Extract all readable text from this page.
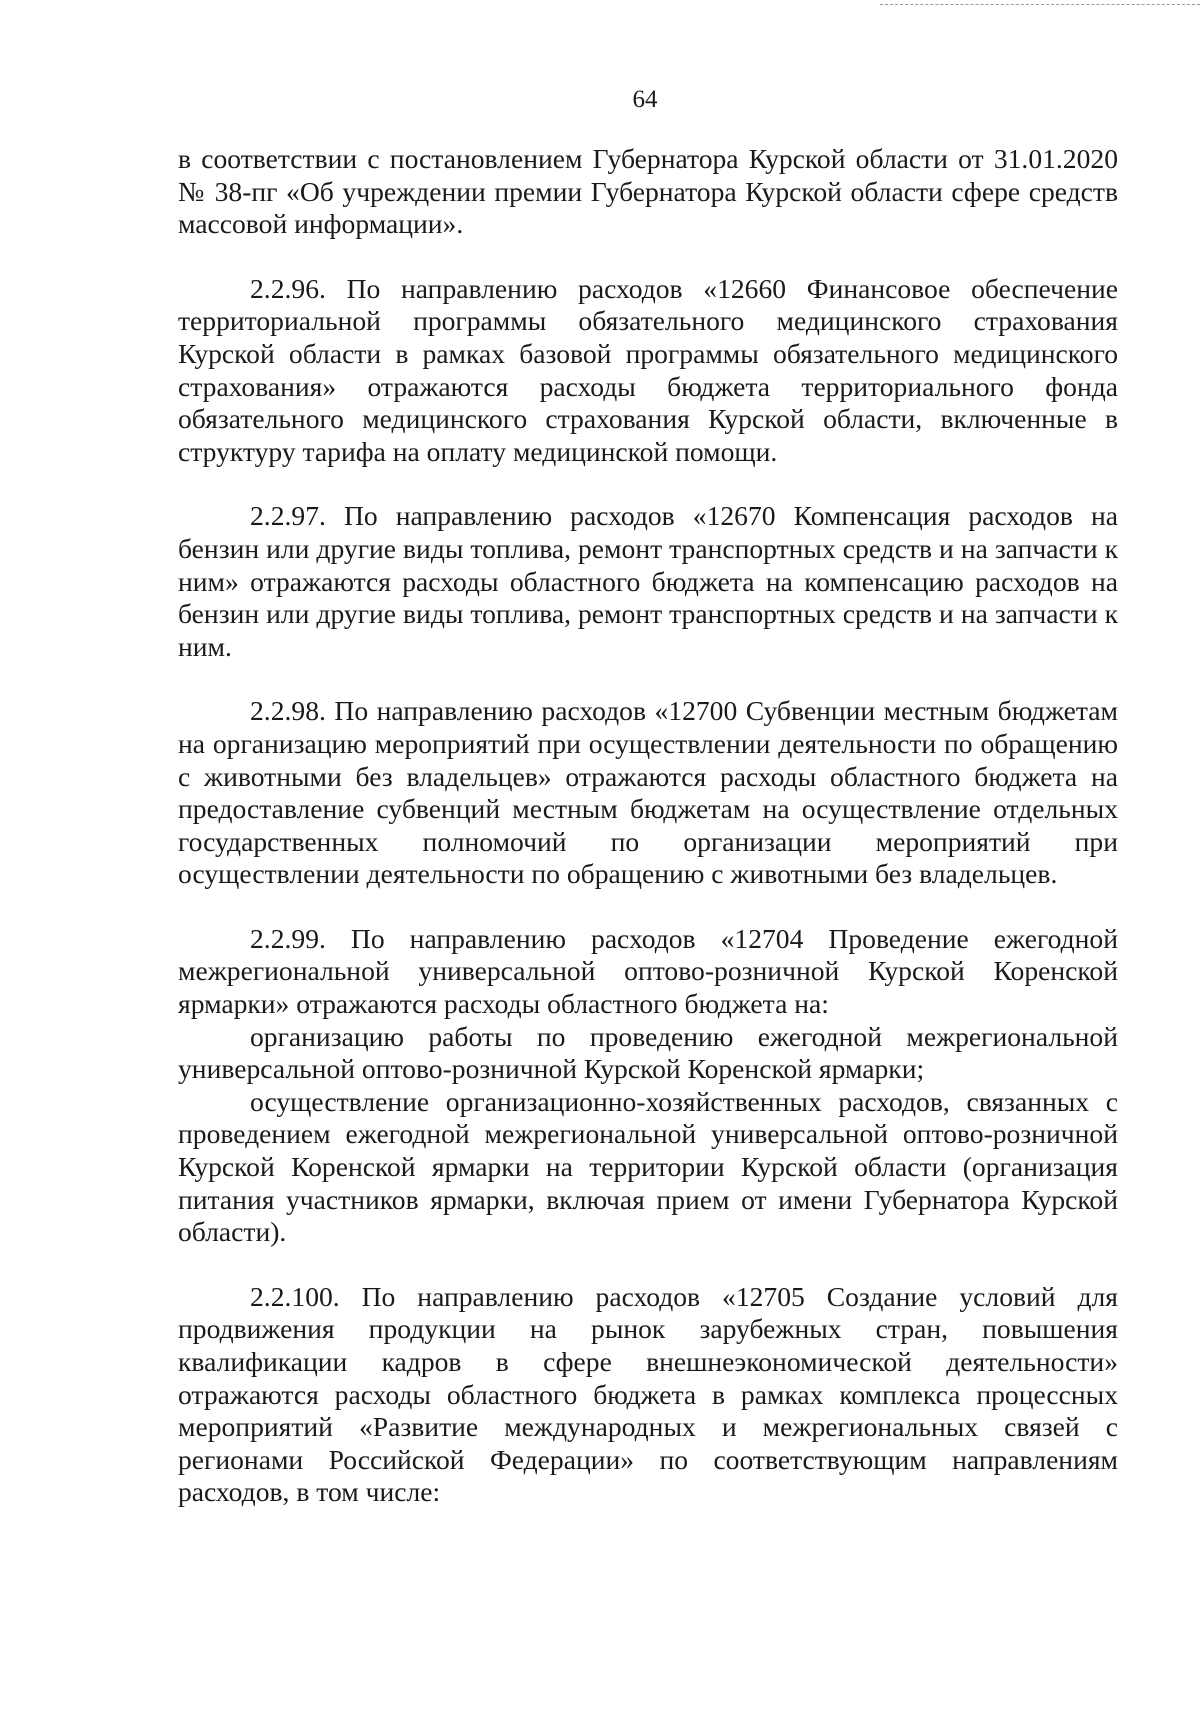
64

в соответствии с постановлением Губернатора Курской области от 31.01.2020 № 38-пг «Об учреждении премии Губернатора Курской области сфере средств массовой информации».

2.2.96. По направлению расходов «12660 Финансовое обеспечение территориальной программы обязательного медицинского страхования Курской области в рамках базовой программы обязательного медицинского страхования» отражаются расходы бюджета территориального фонда обязательного медицинского страхования Курской области, включенные в структуру тарифа на оплату медицинской помощи.

2.2.97. По направлению расходов «12670 Компенсация расходов на бензин или другие виды топлива, ремонт транспортных средств и на запчасти к ним» отражаются расходы областного бюджета на компенсацию расходов на бензин или другие виды топлива, ремонт транспортных средств и на запчасти к ним.

2.2.98. По направлению расходов «12700 Субвенции местным бюджетам на организацию мероприятий при осуществлении деятельности по обращению с животными без владельцев» отражаются расходы областного бюджета на предоставление субвенций местным бюджетам на осуществление отдельных государственных полномочий по организации мероприятий при осуществлении деятельности по обращению с животными без владельцев.

2.2.99. По направлению расходов «12704 Проведение ежегодной межрегиональной универсальной оптово-розничной Курской Коренской ярмарки» отражаются расходы областного бюджета на:

организацию работы по проведению ежегодной межрегиональной универсальной оптово-розничной Курской Коренской ярмарки;

осуществление организационно-хозяйственных расходов, связанных с проведением ежегодной межрегиональной универсальной оптово-розничной Курской Коренской ярмарки на территории Курской области (организация питания участников ярмарки, включая прием от имени Губернатора Курской области).

2.2.100. По направлению расходов «12705 Создание условий для продвижения продукции на рынок зарубежных стран, повышения квалификации кадров в сфере внешнеэкономической деятельности» отражаются расходы областного бюджета в рамках комплекса процессных мероприятий «Развитие международных и межрегиональных связей с регионами Российской Федерации» по соответствующим направлениям расходов, в том числе:
